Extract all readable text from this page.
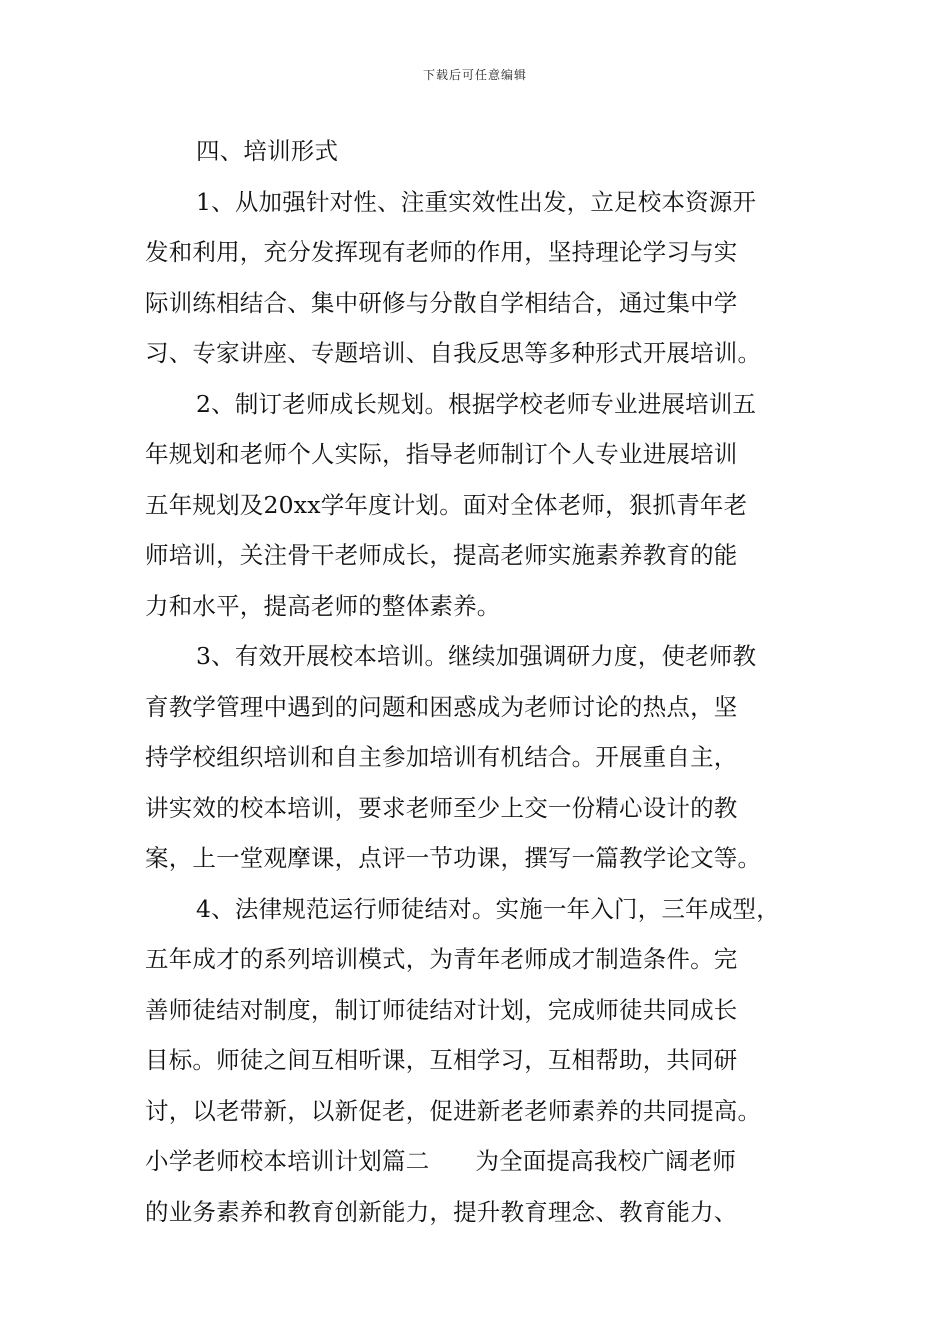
下载后可任意编辑
四、培训形式
1、从加强针对性、注重实效性出发，立足校本资源开
发和利用，充分发挥现有老师的作用，坚持理论学习与实
际训练相结合、集中研修与分散自学相结合，通过集中学
习、专家讲座、专题培训、自我反思等多种形式开展培训。
2、制订老师成长规划。根据学校老师专业进展培训五
年规划和老师个人实际，指导老师制订个人专业进展培训
五年规划及20xx学年度计划。面对全体老师，狠抓青年老
师培训，关注骨干老师成长，提高老师实施素养教育的能
力和水平，提高老师的整体素养。
3、有效开展校本培训。继续加强调研力度，使老师教
育教学管理中遇到的问题和困惑成为老师讨论的热点，坚
持学校组织培训和自主参加培训有机结合。开展重自主，
讲实效的校本培训，要求老师至少上交一份精心设计的教
案，上一堂观摩课，点评一节功课，撰写一篇教学论文等。
4、法律规范运行师徒结对。实施一年入门，三年成型，
五年成才的系列培训模式，为青年老师成才制造条件。完
善师徒结对制度，制订师徒结对计划，完成师徒共同成长
目标。师徒之间互相听课，互相学习，互相帮助，共同研
讨，以老带新，以新促老，促进新老老师素养的共同提高。
小学老师校本培训计划篇二 为全面提高我校广阔老师
的业务素养和教育创新能力，提升教育理念、教育能力、
